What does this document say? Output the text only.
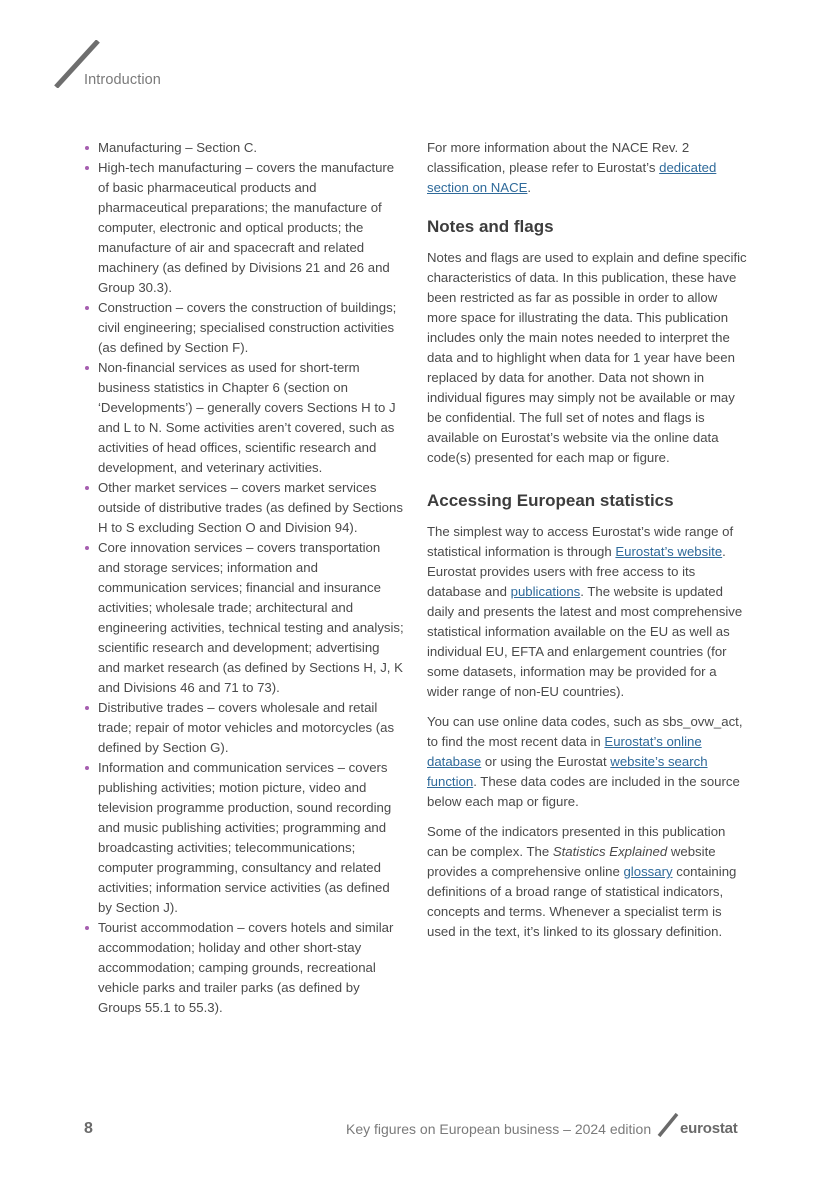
Introduction
Manufacturing – Section C.
High-tech manufacturing – covers the manufacture of basic pharmaceutical products and pharmaceutical preparations; the manufacture of computer, electronic and optical products; the manufacture of air and spacecraft and related machinery (as defined by Divisions 21 and 26 and Group 30.3).
Construction – covers the construction of buildings; civil engineering; specialised construction activities (as defined by Section F).
Non-financial services as used for short-term business statistics in Chapter 6 (section on ‘Developments’) – generally covers Sections H to J and L to N. Some activities aren’t covered, such as activities of head offices, scientific research and development, and veterinary activities.
Other market services – covers market services outside of distributive trades (as defined by Sections H to S excluding Section O and Division 94).
Core innovation services – covers transportation and storage services; information and communication services; financial and insurance activities; wholesale trade; architectural and engineering activities, technical testing and analysis; scientific research and development; advertising and market research (as defined by Sections H, J, K and Divisions 46 and 71 to 73).
Distributive trades – covers wholesale and retail trade; repair of motor vehicles and motorcycles (as defined by Section G).
Information and communication services – covers publishing activities; motion picture, video and television programme production, sound recording and music publishing activities; programming and broadcasting activities; telecommunications; computer programming, consultancy and related activities; information service activities (as defined by Section J).
Tourist accommodation – covers hotels and similar accommodation; holiday and other short-stay accommodation; camping grounds, recreational vehicle parks and trailer parks (as defined by Groups 55.1 to 55.3).

For more information about the NACE Rev. 2 classification, please refer to Eurostat’s dedicated section on NACE.

Notes and flags

Notes and flags are used to explain and define specific characteristics of data. In this publication, these have been restricted as far as possible in order to allow more space for illustrating the data. This publication includes only the main notes needed to interpret the data and to highlight when data for 1 year have been replaced by data for another. Data not shown in individual figures may simply not be available or may be confidential. The full set of notes and flags is available on Eurostat’s website via the online data code(s) presented for each map or figure.

Accessing European statistics

The simplest way to access Eurostat’s wide range of statistical information is through Eurostat’s website. Eurostat provides users with free access to its database and publications. The website is updated daily and presents the latest and most comprehensive statistical information available on the EU as well as individual EU, EFTA and enlargement countries (for some datasets, information may be provided for a wider range of non-EU countries).

You can use online data codes, such as sbs_ovw_act, to find the most recent data in Eurostat’s online database or using the Eurostat website’s search function. These data codes are included in the source below each map or figure.

Some of the indicators presented in this publication can be complex. The Statistics Explained website provides a comprehensive online glossary containing definitions of a broad range of statistical indicators, concepts and terms. Whenever a specialist term is used in the text, it’s linked to its glossary definition.

8	Key figures on European business – 2024 edition eurostat
